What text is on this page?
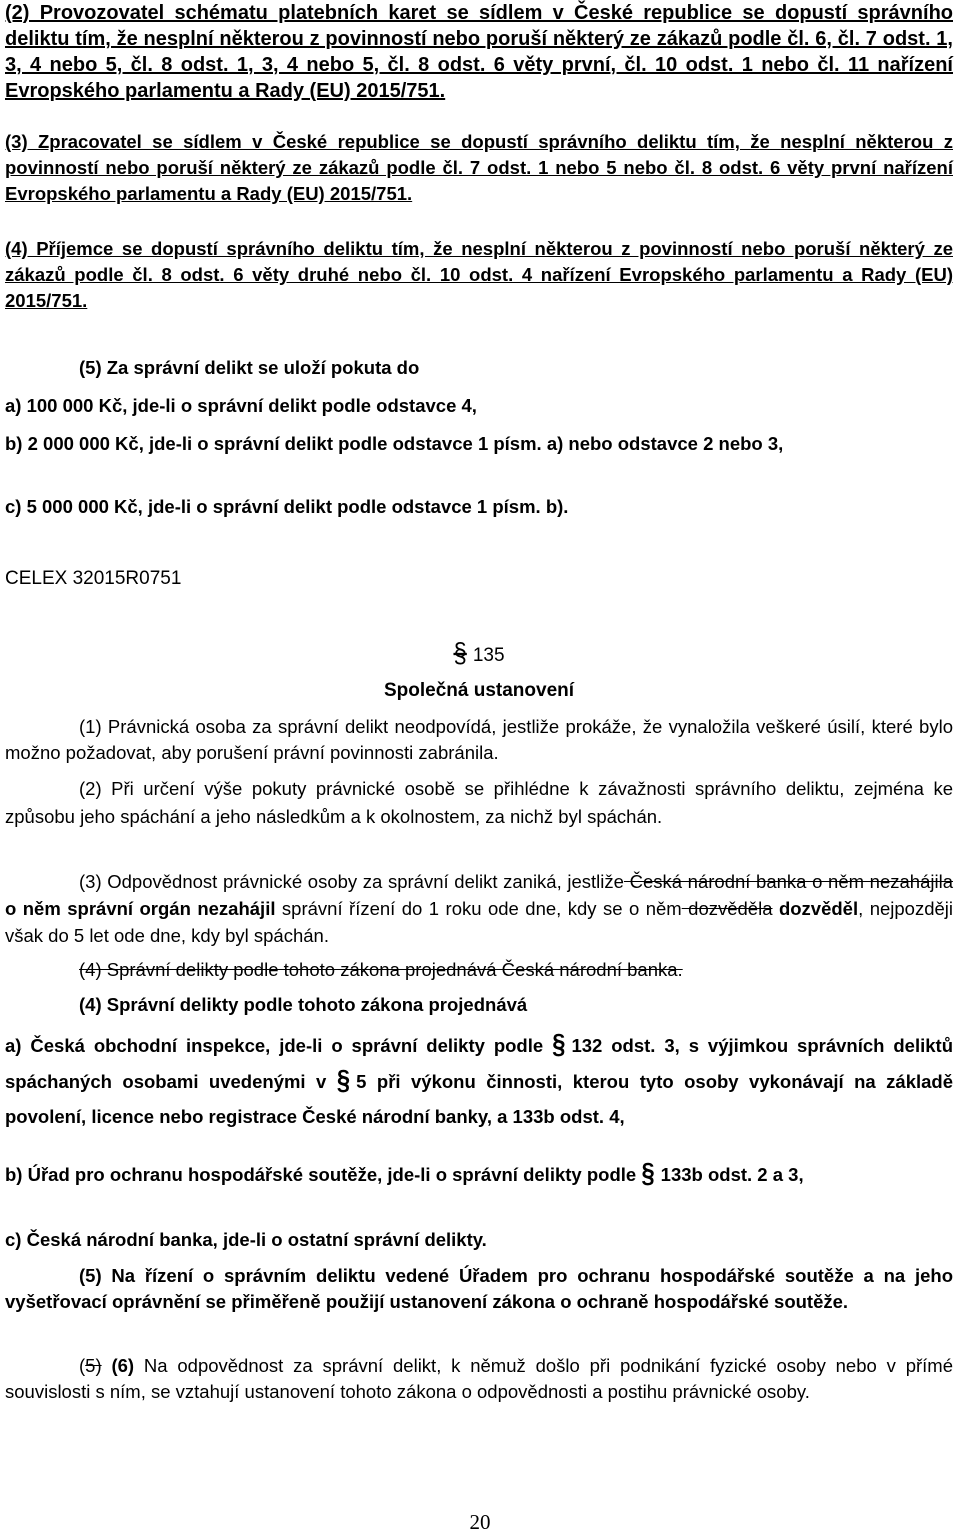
(2) Provozovatel schématu platebních karet se sídlem v České republice se dopustí správního deliktu tím, že nesplní některou z povinností nebo poruší některý ze zákazů podle čl. 6, čl. 7 odst. 1, 3, 4 nebo 5, čl. 8 odst. 1, 3, 4 nebo 5, čl. 8 odst. 6 věty první, čl. 10 odst. 1 nebo čl. 11 nařízení Evropského parlamentu a Rady (EU) 2015/751.

(3) Zpracovatel se sídlem v České republice se dopustí správního deliktu tím, že nesplní některou z povinností nebo poruší některý ze zákazů podle čl. 7 odst. 1 nebo 5 nebo čl. 8 odst. 6 věty první nařízení Evropského parlamentu a Rady (EU) 2015/751.

(4) Příjemce se dopustí správního deliktu tím, že nesplní některou z povinností nebo poruší některý ze zákazů podle čl. 8 odst. 6 věty druhé nebo čl. 10 odst. 4 nařízení Evropského parlamentu a Rady (EU) 2015/751.

(5) Za správní delikt se uloží pokuta do

a) 100 000 Kč, jde-li o správní delikt podle odstavce 4,

b) 2 000 000 Kč, jde-li o správní delikt podle odstavce 1 písm. a) nebo odstavce 2 nebo 3,

c) 5 000 000 Kč, jde-li o správní delikt podle odstavce 1 písm. b).

CELEX 32015R0751

§ 135

Společná ustanovení

(1) Právnická osoba za správní delikt neodpovídá, jestliže prokáže, že vynaložila veškeré úsilí, které bylo možno požadovat, aby porušení právní povinnosti zabránila.

(2) Při určení výše pokuty právnické osobě se přihlédne k závažnosti správního deliktu, zejména ke způsobu jeho spáchání a jeho následkům a k okolnostem, za nichž byl spáchán.

(3) Odpovědnost právnické osoby za správní delikt zaniká, jestliže Česká národní banka o něm nezahájila o něm správní orgán nezahájil správní řízení do 1 roku ode dne, kdy se o něm dozvěděla dozvěděl, nejpozději však do 5 let ode dne, kdy byl spáchán.

(4) Správní delikty podle tohoto zákona projednává Česká národní banka.

(4) Správní delikty podle tohoto zákona projednává

a) Česká obchodní inspekce, jde-li o správní delikty podle § 132 odst. 3, s výjimkou správních deliktů spáchaných osobami uvedenými v § 5 při výkonu činnosti, kterou tyto osoby vykonávají na základě povolení, licence nebo registrace České národní banky, a 133b odst. 4,

b) Úřad pro ochranu hospodářské soutěže, jde-li o správní delikty podle § 133b odst. 2 a 3,

c) Česká národní banka, jde-li o ostatní správní delikty.

(5) Na řízení o správním deliktu vedené Úřadem pro ochranu hospodářské soutěže a na jeho vyšetřovací oprávnění se přiměřeně použijí ustanovení zákona o ochraně hospodářské soutěže.

(5) (6) Na odpovědnost za správní delikt, k němuž došlo při podnikání fyzické osoby nebo v přímé souvislosti s ním, se vztahují ustanovení tohoto zákona o odpovědnosti a postihu právnické osoby.

20
